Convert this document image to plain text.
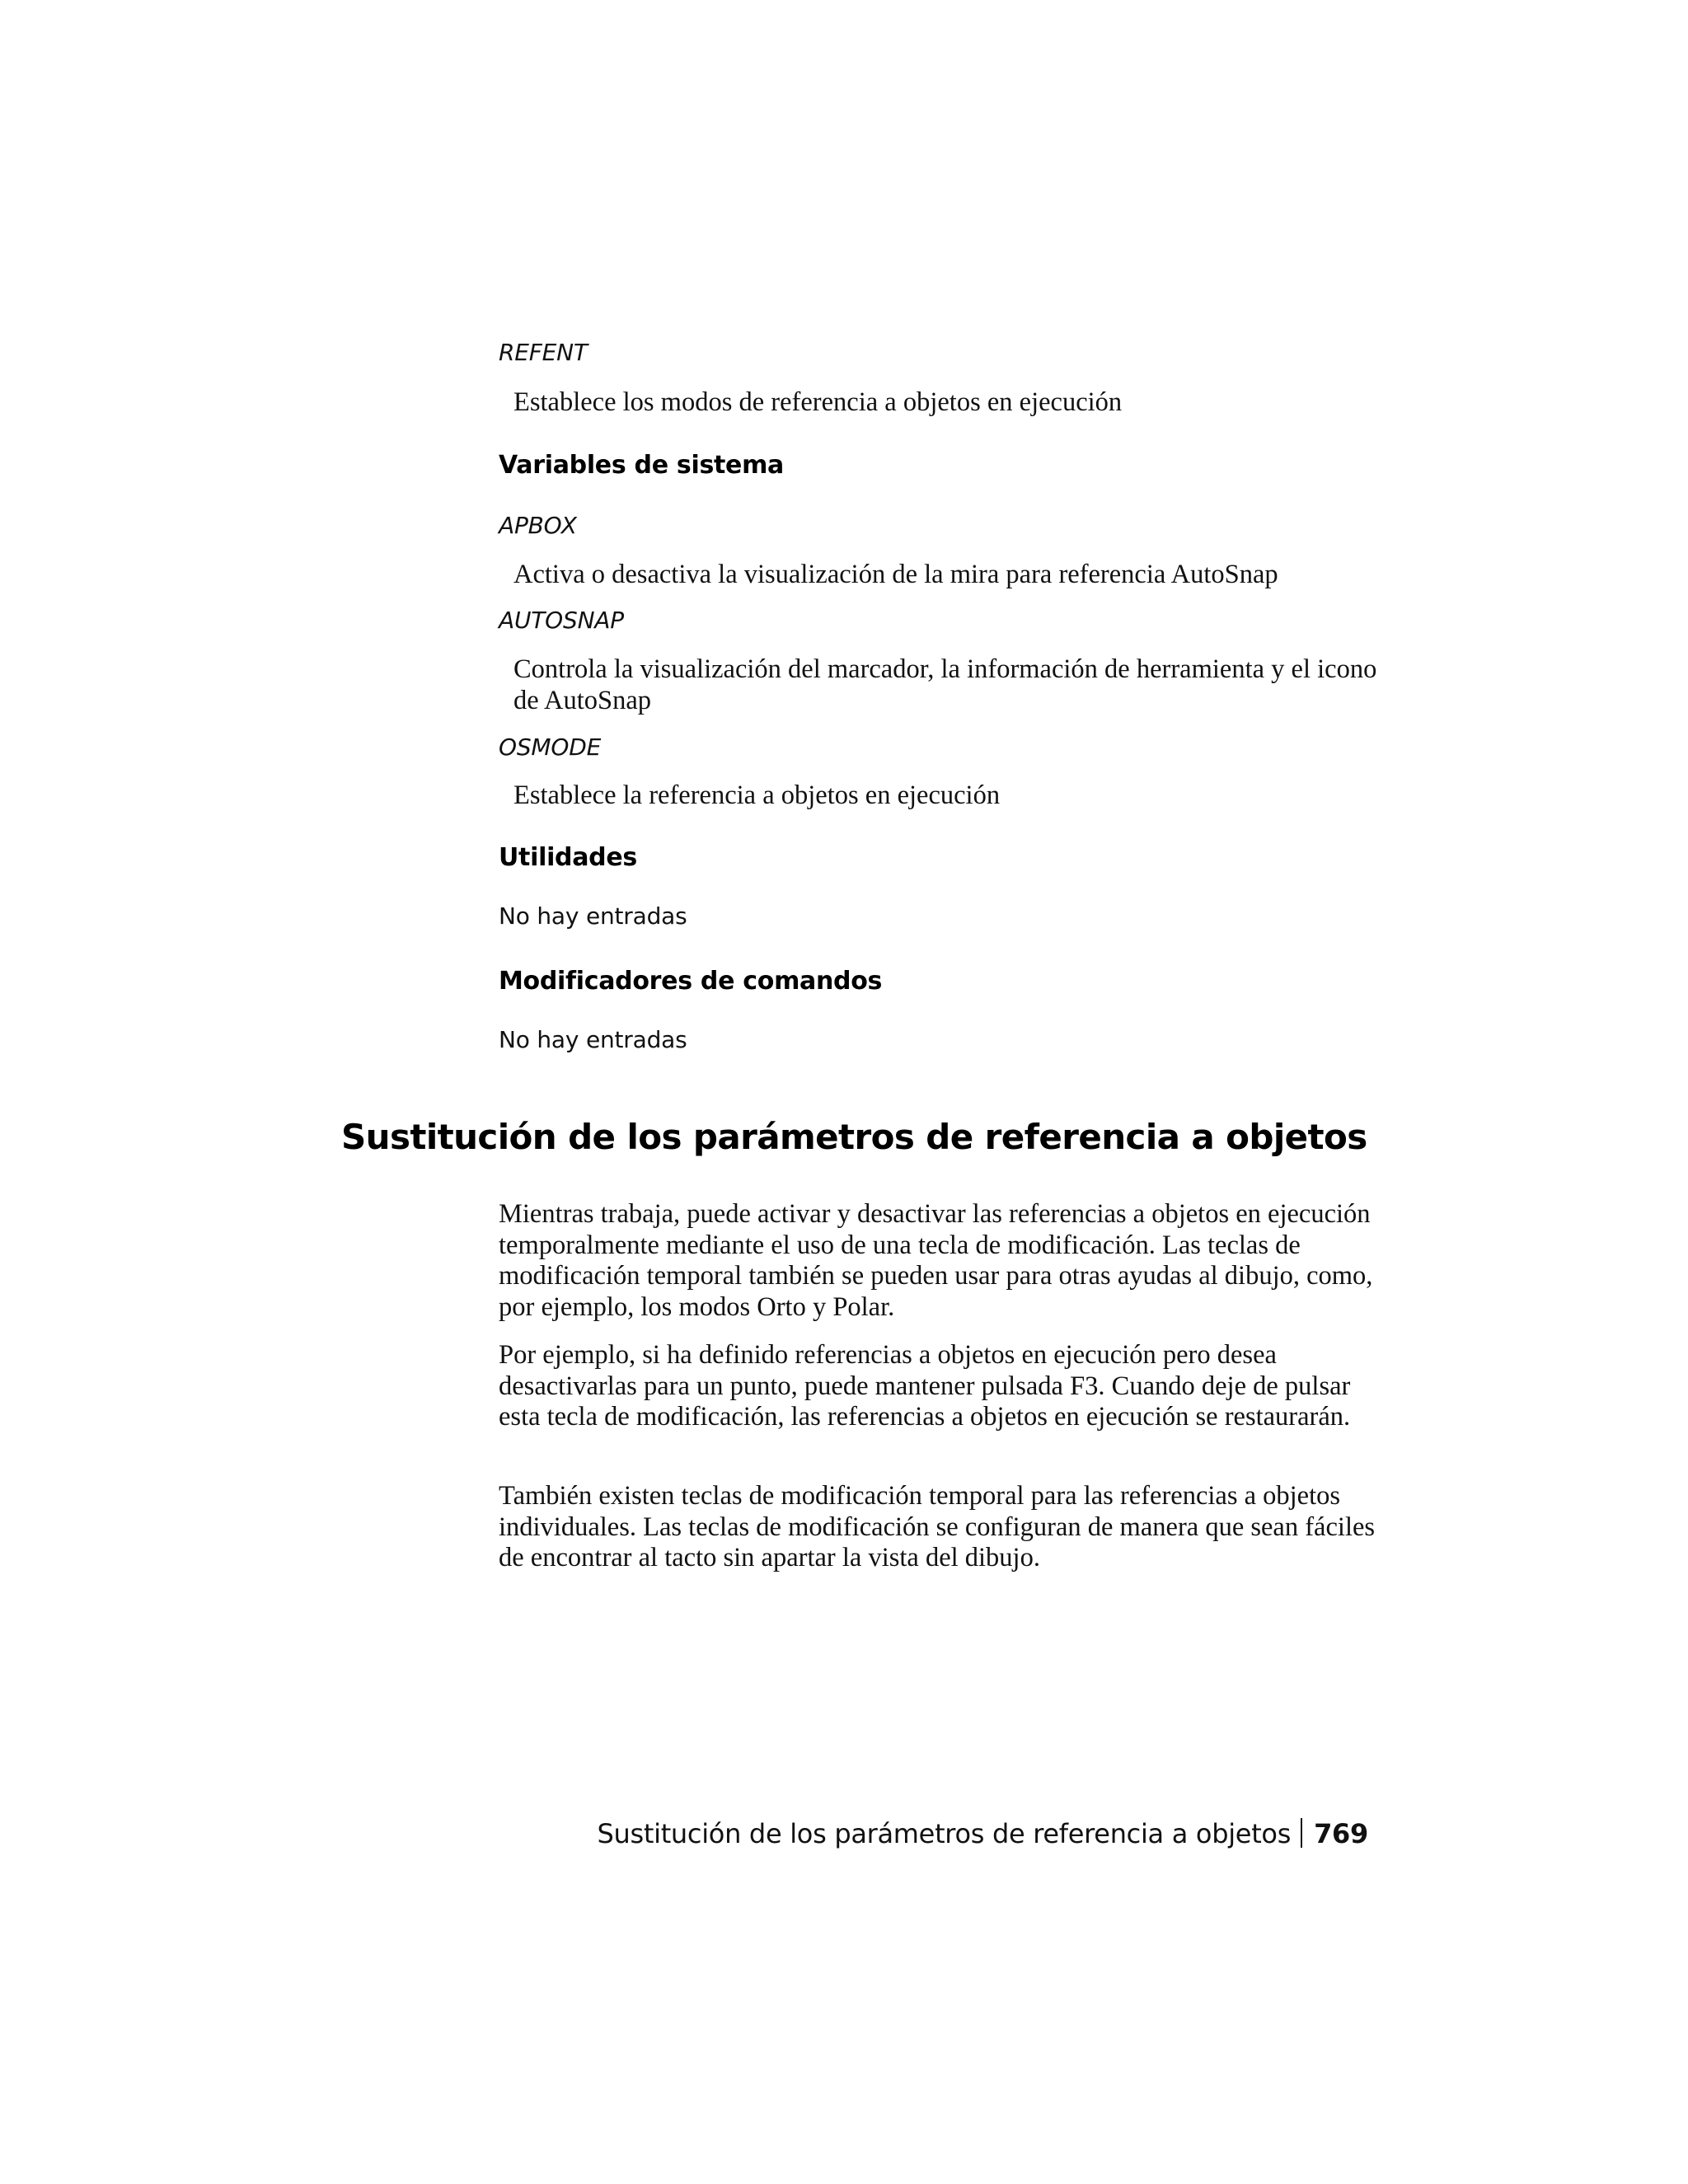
REFENT
Establece los modos de referencia a objetos en ejecución
Variables de sistema
APBOX
Activa o desactiva la visualización de la mira para referencia AutoSnap
AUTOSNAP
Controla la visualización del marcador, la información de herramienta y el icono de AutoSnap
OSMODE
Establece la referencia a objetos en ejecución
Utilidades
No hay entradas
Modificadores de comandos
No hay entradas
Sustitución de los parámetros de referencia a objetos
Mientras trabaja, puede activar y desactivar las referencias a objetos en ejecución temporalmente mediante el uso de una tecla de modificación. Las teclas de modificación temporal también se pueden usar para otras ayudas al dibujo, como, por ejemplo, los modos Orto y Polar.
Por ejemplo, si ha definido referencias a objetos en ejecución pero desea desactivarlas para un punto, puede mantener pulsada F3. Cuando deje de pulsar esta tecla de modificación, las referencias a objetos en ejecución se restaurarán.
También existen teclas de modificación temporal para las referencias a objetos individuales. Las teclas de modificación se configuran de manera que sean fáciles de encontrar al tacto sin apartar la vista del dibujo.
Sustitución de los parámetros de referencia a objetos 769
